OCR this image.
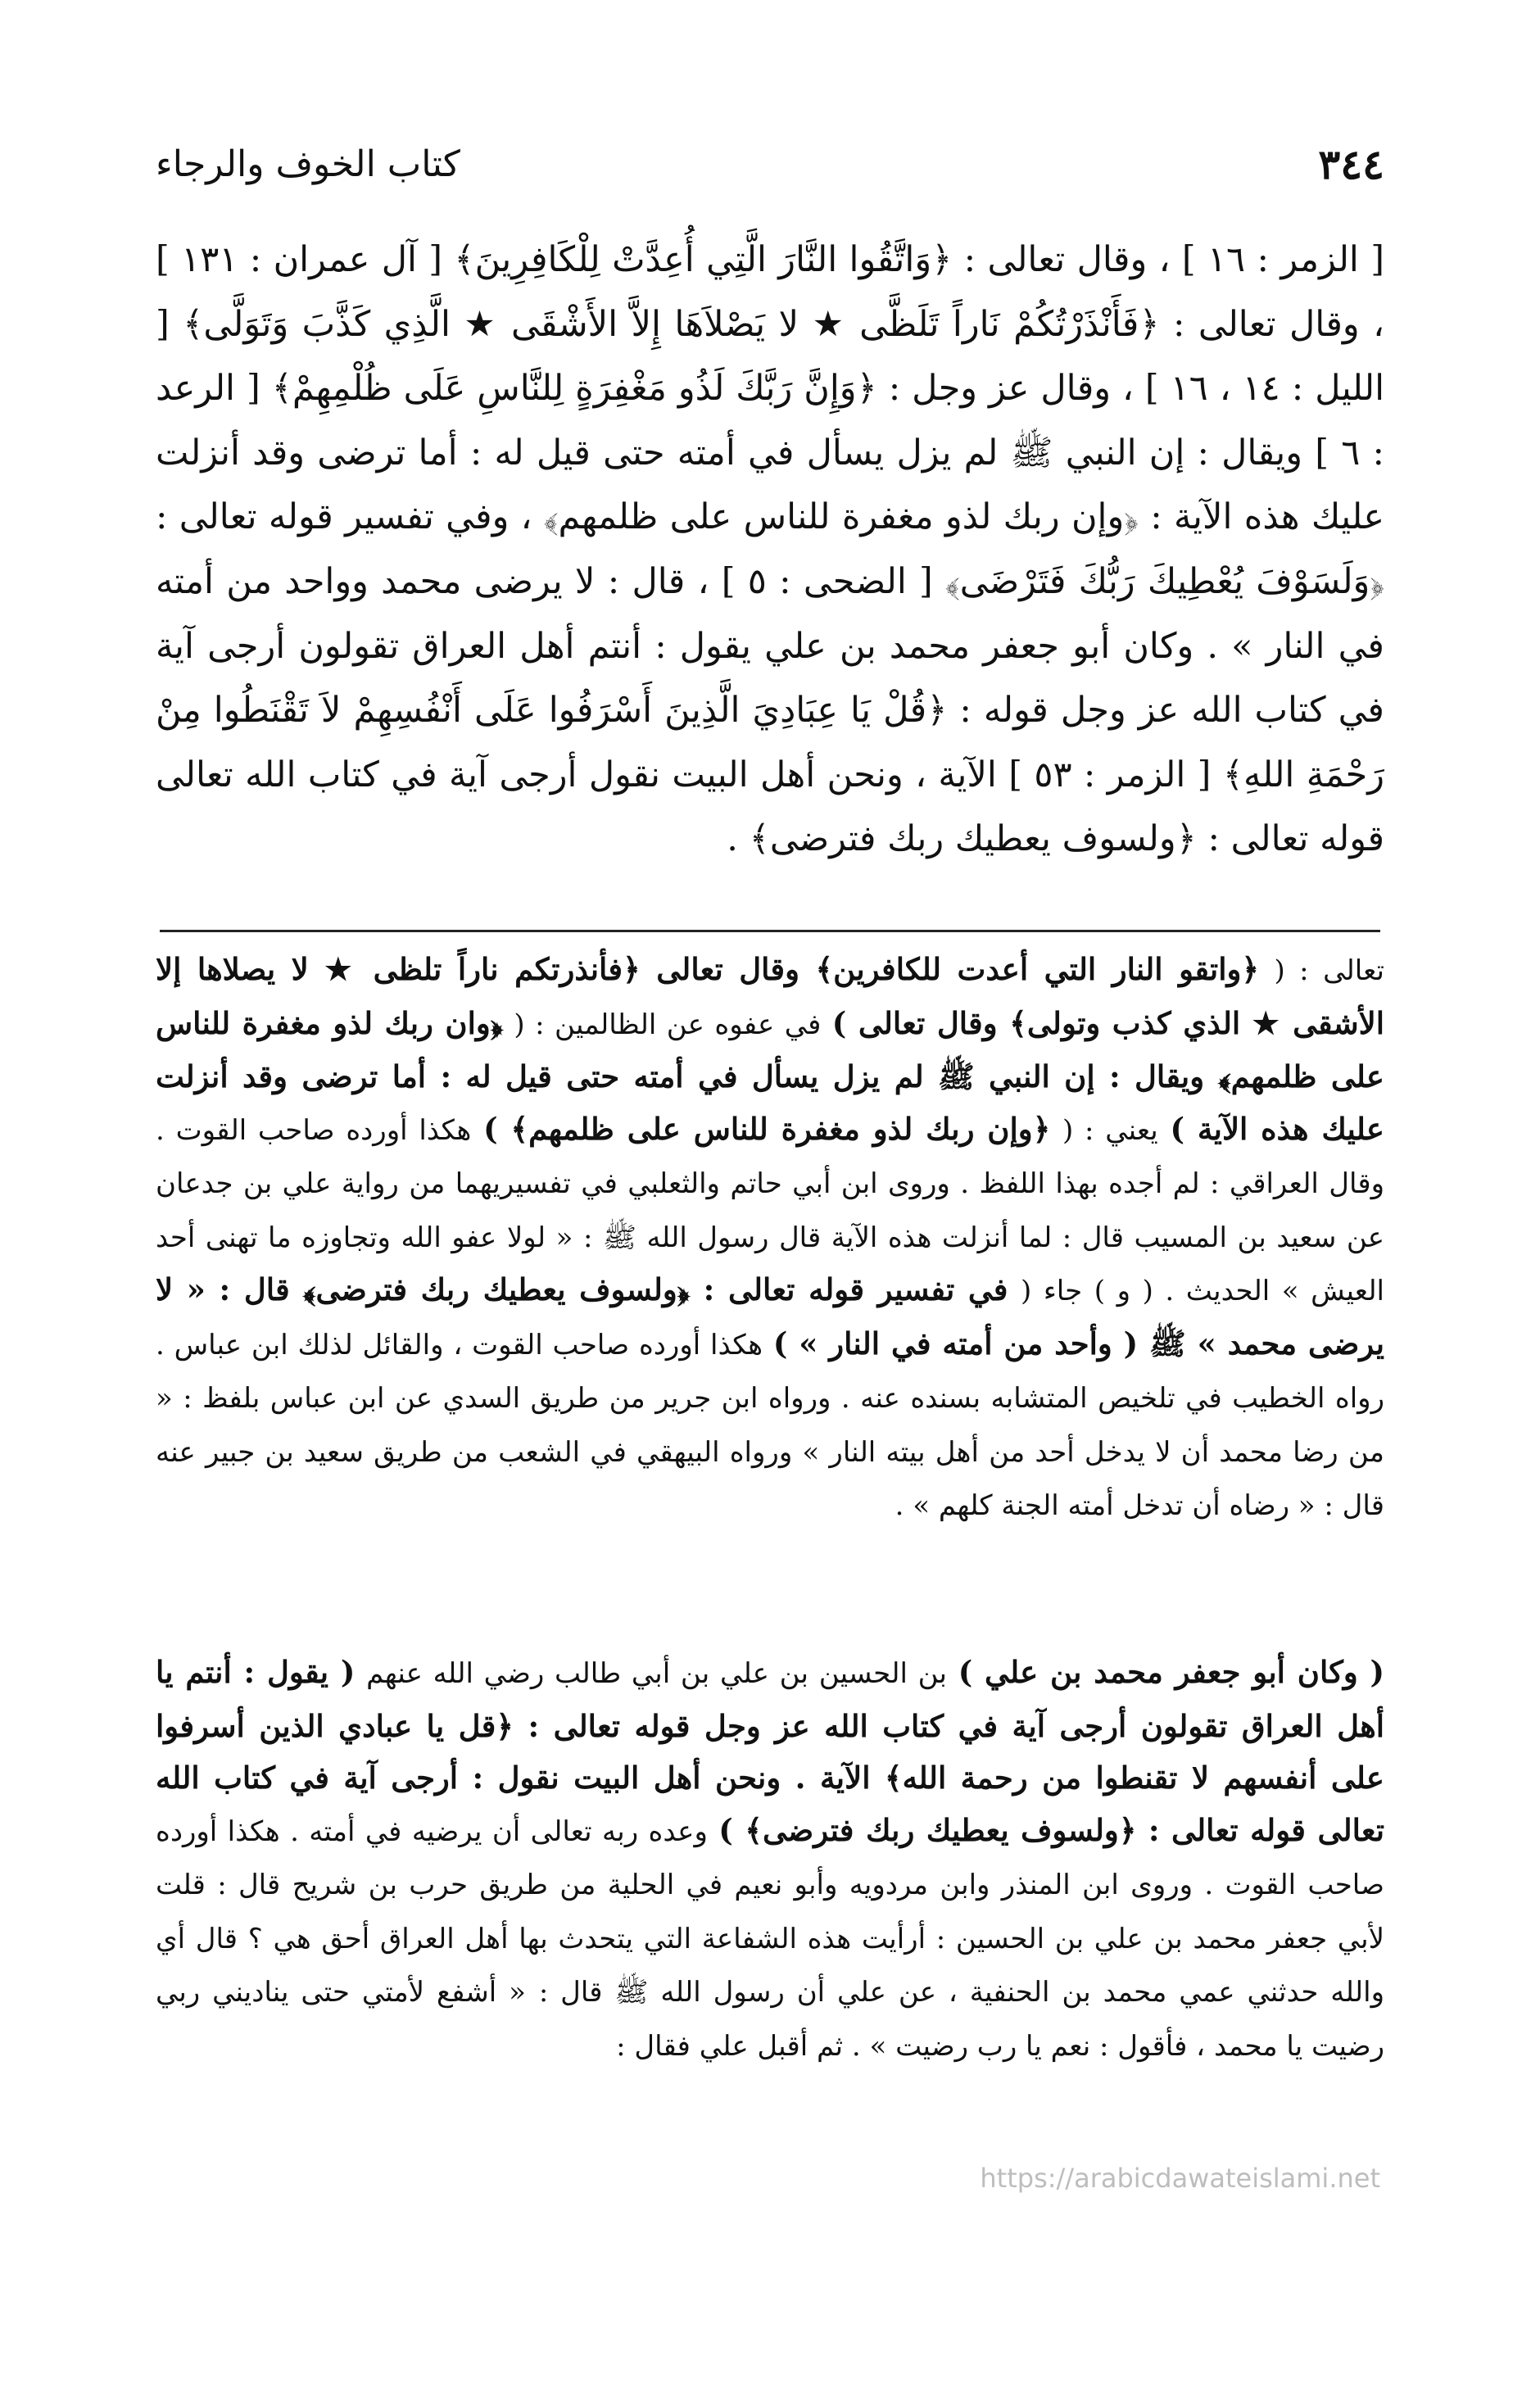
٣٤٤
كتاب الخوف والرجاء

[ الزمر : ١٦ ] ، وقال تعالى : ﴿وَاتَّقُوا النَّارَ الَّتِي أُعِدَّتْ لِلْكَافِرِينَ﴾ [ آل عمران : ١٣١ ] ، وقال تعالى : ﴿فَأَنْذَرْتُكُمْ نَاراً تَلَظَّى ★ لا يَصْلاَهَا إِلاَّ الأَشْقَى ★ الَّذِي كَذَّبَ وَتَوَلَّى﴾ [ الليل : ١٤ ، ١٦ ] ، وقال عز وجل : ﴿وَإِنَّ رَبَّكَ لَذُو مَغْفِرَةٍ لِلنَّاسِ عَلَى ظُلْمِهِمْ﴾ [ الرعد : ٦ ] ويقال : إن النبي ﷺ لم يزل يسأل في أمته حتى قيل له : أما ترضى وقد أنزلت عليك هذه الآية : ﴿وإن ربك لذو مغفرة للناس على ظلمهم﴾ ، وفي تفسير قوله تعالى : ﴿وَلَسَوْفَ يُعْطِيكَ رَبُّكَ فَتَرْضَى﴾ [ الضحى : ٥ ] ، قال : لا يرضى محمد وواحد من أمته في النار » . وكان أبو جعفر محمد بن علي يقول : أنتم أهل العراق تقولون أرجى آية في كتاب الله عز وجل قوله : ﴿قُلْ يَا عِبَادِيَ الَّذِينَ أَسْرَفُوا عَلَى أَنْفُسِهِمْ لاَ تَقْنَطُوا مِنْ رَحْمَةِ اللهِ﴾ [ الزمر : ٥٣ ] الآية ، ونحن أهل البيت نقول أرجى آية في كتاب الله تعالى قوله تعالى : ﴿ولسوف يعطيك ربك فترضى﴾ .

تعالى : ( ﴿واتقو النار التي أعدت للكافرين﴾ وقال تعالى ﴿فأنذرتكم ناراً تلظى ★ لا يصلاها إلا الأشقى ★ الذي كذب وتولى﴾ وقال تعالى ) في عفوه عن الظالمين : ( ﴿وان ربك لذو مغفرة للناس على ظلمهم﴾ ويقال : إن النبي ﷺ لم يزل يسأل في أمته حتى قيل له : أما ترضى وقد أنزلت عليك هذه الآية ) يعني : ( ﴿وإن ربك لذو مغفرة للناس على ظلمهم﴾ ) هكذا أورده صاحب القوت . وقال العراقي : لم أجده بهذا اللفظ . وروى ابن أبي حاتم والثعلبي في تفسيريهما من رواية علي بن جدعان عن سعيد بن المسيب قال : لما أنزلت هذه الآية قال رسول الله ﷺ : « لولا عفو الله وتجاوزه ما تهنى أحد العيش » الحديث . ( و ) جاء ( في تفسير قوله تعالى : ﴿ولسوف يعطيك ربك فترضى﴾ قال : « لا يرضى محمد » ﷺ ( وأحد من أمته في النار » ) هكذا أورده صاحب القوت ، والقائل لذلك ابن عباس . رواه الخطيب في تلخيص المتشابه بسنده عنه . ورواه ابن جرير من طريق السدي عن ابن عباس بلفظ : « من رضا محمد أن لا يدخل أحد من أهل بيته النار » ورواه البيهقي في الشعب من طريق سعيد بن جبير عنه قال : « رضاه أن تدخل أمته الجنة كلهم » .

( وكان أبو جعفر محمد بن علي ) بن الحسين بن علي بن أبي طالب رضي الله عنهم ( يقول : أنتم يا أهل العراق تقولون أرجى آية في كتاب الله عز وجل قوله تعالى : ﴿قل يا عبادي الذين أسرفوا على أنفسهم لا تقنطوا من رحمة الله﴾ الآية . ونحن أهل البيت نقول : أرجى آية في كتاب الله تعالى قوله تعالى : ﴿ولسوف يعطيك ربك فترضى﴾ ) وعده ربه تعالى أن يرضيه في أمته . هكذا أورده صاحب القوت . وروى ابن المنذر وابن مردويه وأبو نعيم في الحلية من طريق حرب بن شريح قال : قلت لأبي جعفر محمد بن علي بن الحسين : أرأيت هذه الشفاعة التي يتحدث بها أهل العراق أحق هي ؟ قال أي والله حدثني عمي محمد بن الحنفية ، عن علي أن رسول الله ﷺ قال : « أشفع لأمتي حتى يناديني ربي رضيت يا محمد ، فأقول : نعم يا رب رضيت » . ثم أقبل علي فقال :

https://arabicdawateislami.net
